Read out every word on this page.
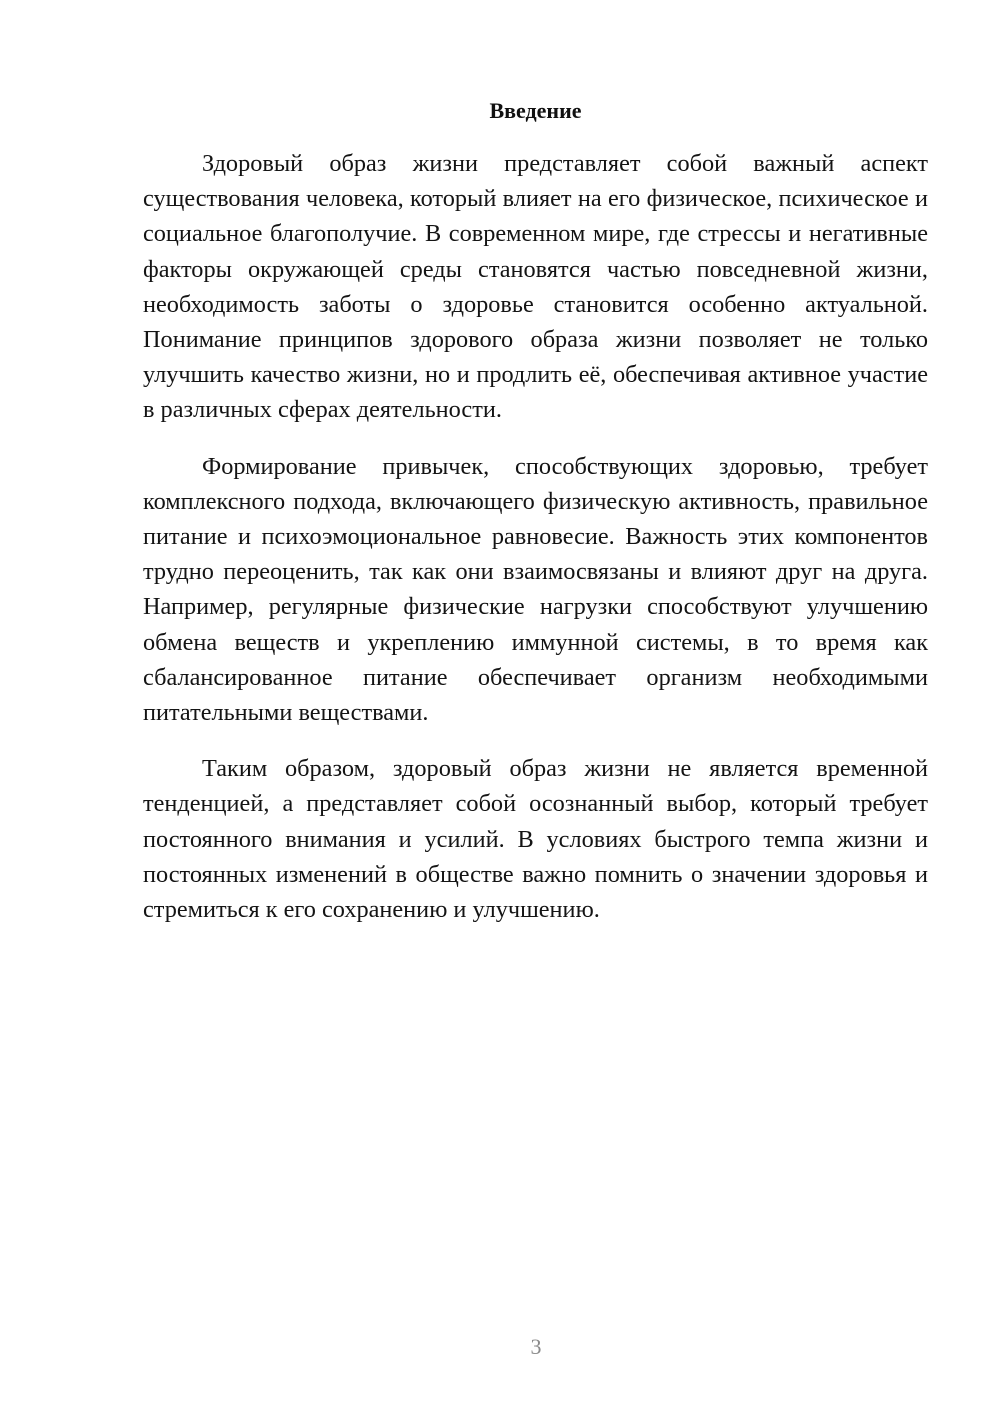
Введение

Здоровый образ жизни представляет собой важный аспект существования человека, который влияет на его физическое, психическое и социальное благополучие. В современном мире, где стрессы и негативные факторы окружающей среды становятся частью повседневной жизни, необходимость заботы о здоровье становится особенно актуальной. Понимание принципов здорового образа жизни позволяет не только улучшить качество жизни, но и продлить её, обеспечивая активное участие в различных сферах деятельности.

Формирование привычек, способствующих здоровью, требует комплексного подхода, включающего физическую активность, правильное питание и психоэмоциональное равновесие. Важность этих компонентов трудно переоценить, так как они взаимосвязаны и влияют друг на друга. Например, регулярные физические нагрузки способствуют улучшению обмена веществ и укреплению иммунной системы, в то время как сбалансированное питание обеспечивает организм необходимыми питательными веществами.

Таким образом, здоровый образ жизни не является временной тенденцией, а представляет собой осознанный выбор, который требует постоянного внимания и усилий. В условиях быстрого темпа жизни и постоянных изменений в обществе важно помнить о значении здоровья и стремиться к его сохранению и улучшению.

3
